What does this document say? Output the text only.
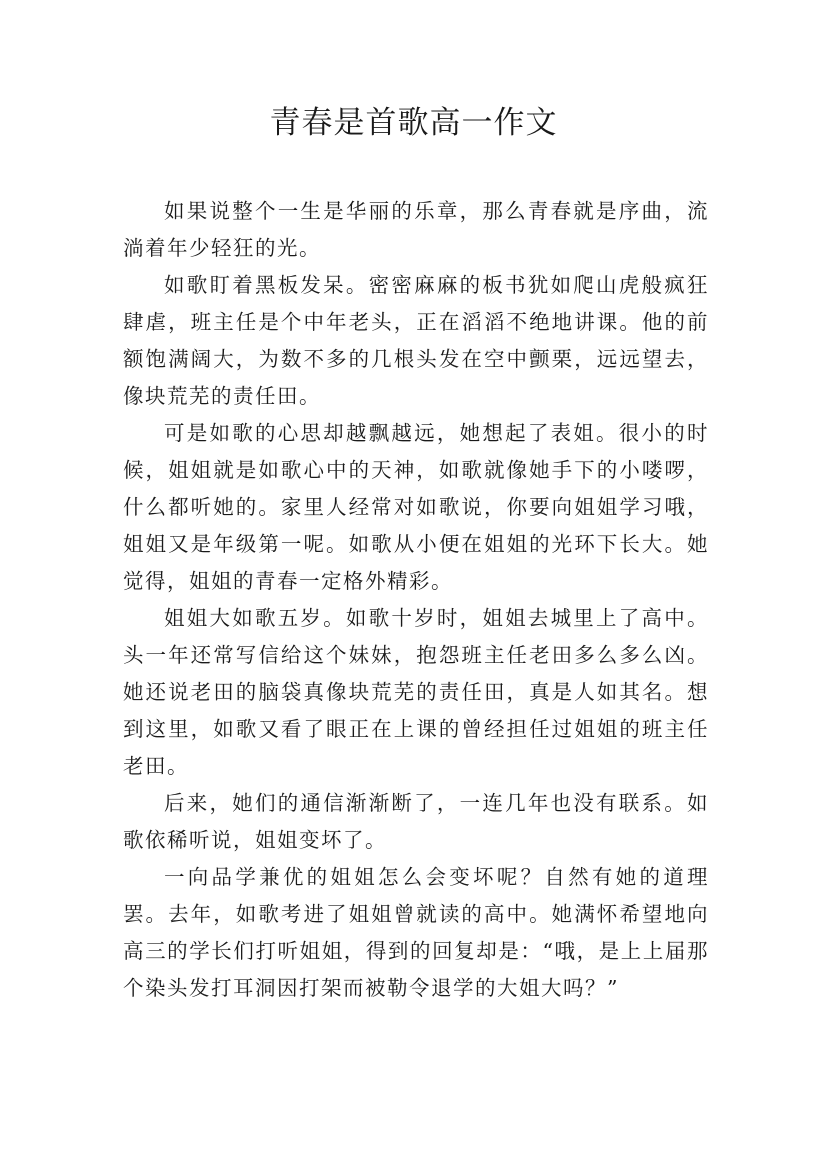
青春是首歌高一作文

如果说整个一生是华丽的乐章，那么青春就是序曲，流淌着年少轻狂的光。

如歌盯着黑板发呆。密密麻麻的板书犹如爬山虎般疯狂肆虐，班主任是个中年老头，正在滔滔不绝地讲课。他的前额饱满阔大，为数不多的几根头发在空中颤栗，远远望去，像块荒芜的责任田。

可是如歌的心思却越飘越远，她想起了表姐。很小的时候，姐姐就是如歌心中的天神，如歌就像她手下的小喽啰，什么都听她的。家里人经常对如歌说，你要向姐姐学习哦，姐姐又是年级第一呢。如歌从小便在姐姐的光环下长大。她觉得，姐姐的青春一定格外精彩。

姐姐大如歌五岁。如歌十岁时，姐姐去城里上了高中。头一年还常写信给这个妹妹，抱怨班主任老田多么多么凶。她还说老田的脑袋真像块荒芜的责任田，真是人如其名。想到这里，如歌又看了眼正在上课的曾经担任过姐姐的班主任老田。

后来，她们的通信渐渐断了，一连几年也没有联系。如歌依稀听说，姐姐变坏了。

一向品学兼优的姐姐怎么会变坏呢？自然有她的道理罢。去年，如歌考进了姐姐曾就读的高中。她满怀希望地向高三的学长们打听姐姐，得到的回复却是：“哦，是上上届那个染头发打耳洞因打架而被勒令退学的大姐大吗？”
